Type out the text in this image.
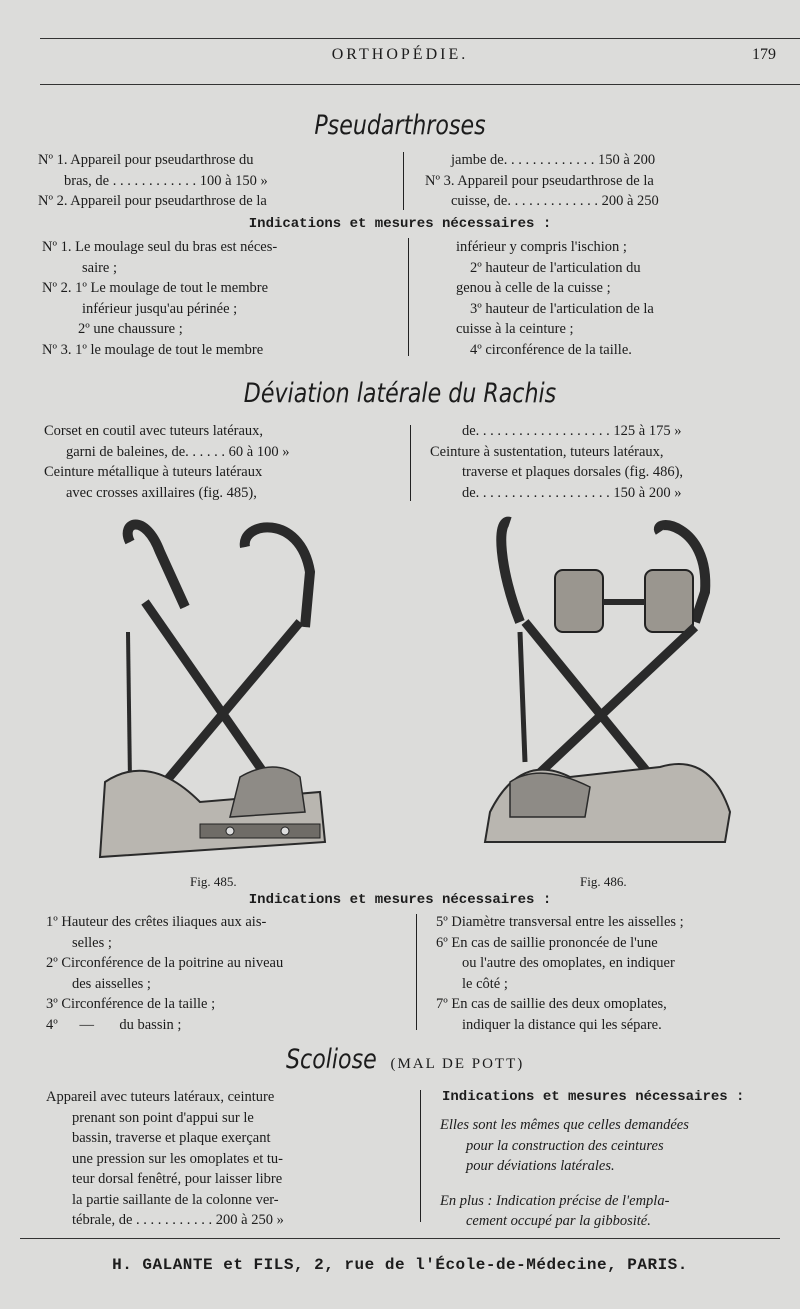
ORTHOPÉDIE.	179
Pseudarthroses
Nº 1. Appareil pour pseudarthrose du
bras, de . . . . . . . . . . . . 100 à 150 »
Nº 2. Appareil pour pseudarthrose de la
jambe de. . . . . . . . . . . . . 150 à 200
Nº 3. Appareil pour pseudarthrose de la
cuisse, de. . . . . . . . . . . . . 200 à 250
Indications et mesures nécessaires :
Nº 1. Le moulage seul du bras est néces-
saire ;
Nº 2. 1º Le moulage de tout le membre
inférieur jusqu'au périnée ;
2º une chaussure ;
Nº 3. 1º le moulage de tout le membre
inférieur y compris l'ischion ;
2º hauteur de l'articulation du
genou à celle de la cuisse ;
3º hauteur de l'articulation de la
cuisse à la ceinture ;
4º circonférence de la taille.
Déviation latérale du Rachis
Corset en coutil avec tuteurs latéraux,
garni de baleines, de. . . . . . 60 à 100 »
Ceinture métallique à tuteurs latéraux
avec crosses axillaires (fig. 485),
de. . . . . . . . . . . . . . . . . . . 125 à 175 »
Ceinture à sustentation, tuteurs latéraux,
traverse et plaques dorsales (fig. 486),
de. . . . . . . . . . . . . . . . . . . 150 à 200 »
Fig. 485.	Fig. 486.
Indications et mesures nécessaires :
1º Hauteur des crêtes iliaques aux ais-
selles ;
2º Circonférence de la poitrine au niveau
des aisselles ;
3º Circonférence de la taille ;
4º      —       du bassin ;
5º Diamètre transversal entre les aisselles ;
6º En cas de saillie prononcée de l'une
ou l'autre des omoplates, en indiquer
le côté ;
7º En cas de saillie des deux omoplates,
indiquer la distance qui les sépare.
Scoliose (MAL DE POTT)
Appareil avec tuteurs latéraux, ceinture
prenant son point d'appui sur le
bassin, traverse et plaque exerçant
une pression sur les omoplates et tu-
teur dorsal fenêtré, pour laisser libre
la partie saillante de la colonne ver-
tébrale, de . . . . . . . . . . . 200 à 250 »
Indications et mesures nécessaires :
Elles sont les mêmes que celles demandées
pour la construction des ceintures
pour déviations latérales.
En plus : Indication précise de l'empla-
cement occupé par la gibbosité.
H. GALANTE et FILS, 2, rue de l'École-de-Médecine, PARIS.
